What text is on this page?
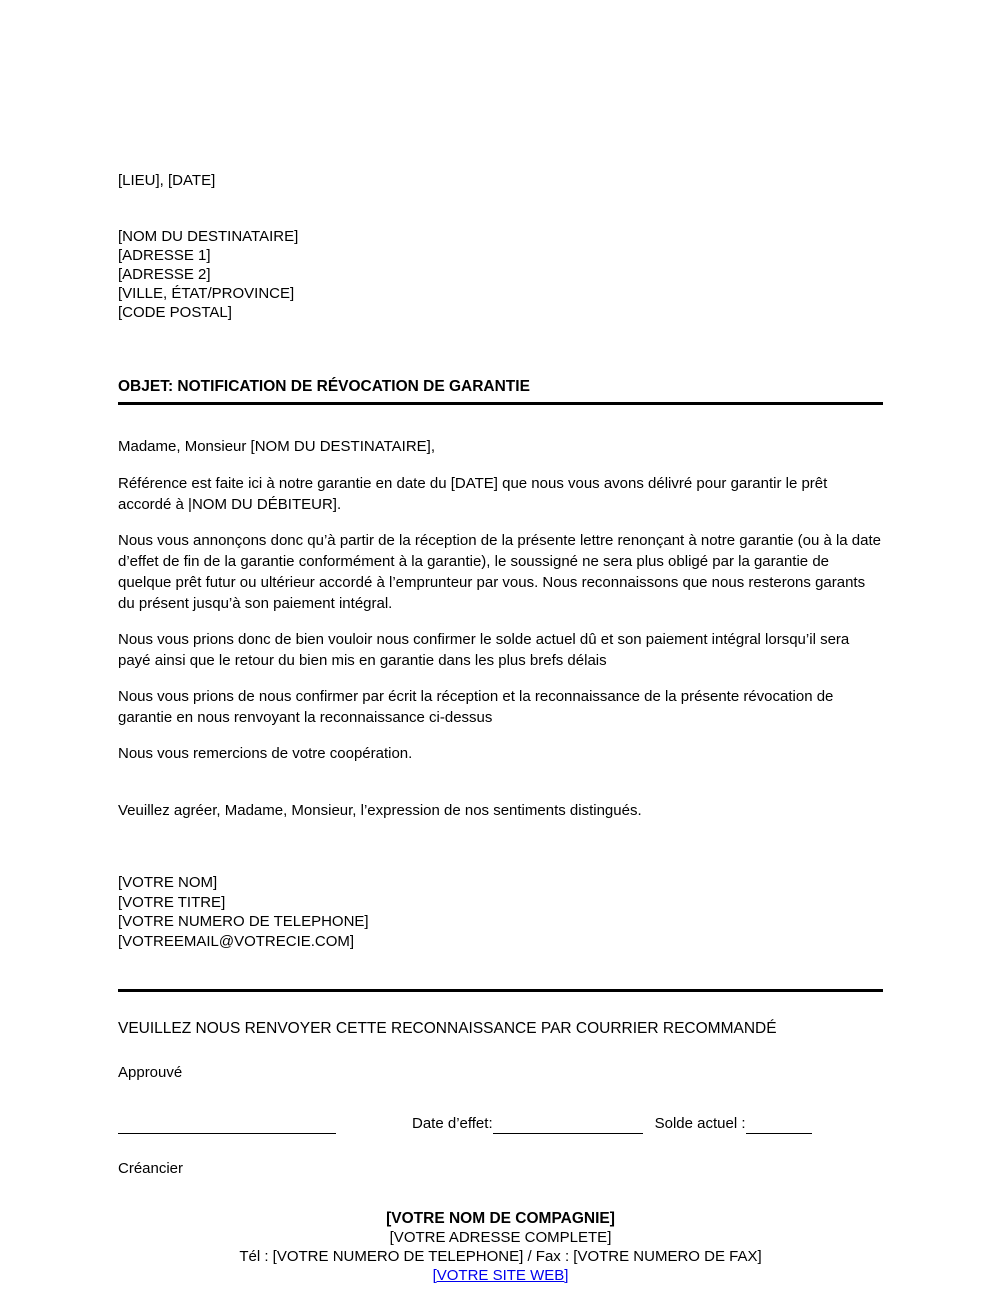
[LIEU], [DATE]
[NOM DU DESTINATAIRE]
[ADRESSE 1]
[ADRESSE 2]
[VILLE, ÉTAT/PROVINCE]
[CODE POSTAL]
OBJET: NOTIFICATION DE RÉVOCATION DE GARANTIE
Madame, Monsieur [NOM DU DESTINATAIRE],

Référence est faite ici à notre garantie en date du [DATE] que nous vous avons délivré pour garantir le prêt accordé à |NOM DU DÉBITEUR].

Nous vous annonçons donc qu’à partir de la réception de la présente lettre renonçant à notre garantie (ou à la date d’effet de fin de la garantie conformément à la garantie), le soussigné ne sera plus obligé par la garantie de quelque prêt futur ou ultérieur accordé à l’emprunteur par vous. Nous reconnaissons que nous resterons garants du présent jusqu’à son paiement intégral.

Nous vous prions donc de bien vouloir nous confirmer le solde actuel dû et son paiement intégral lorsqu’il sera payé ainsi que le retour du bien mis en garantie dans les plus brefs délais

Nous vous prions de nous confirmer par écrit la réception et la reconnaissance de la présente révocation de garantie en nous renvoyant la reconnaissance ci-dessus

Nous vous remercions de votre coopération.

Veuillez agréer, Madame, Monsieur, l’expression de nos sentiments distingués.
[VOTRE NOM]
[VOTRE TITRE]
[VOTRE NUMERO DE TELEPHONE]
[VOTREEMAIL@VOTRECIE.COM]
VEUILLEZ NOUS RENVOYER CETTE RECONNAISSANCE PAR COURRIER RECOMMANDÉ
Approuvé
Date d’effet:	Solde actuel :
Créancier
[VOTRE NOM DE COMPAGNIE]
[VOTRE ADRESSE COMPLETE]
Tél : [VOTRE NUMERO DE TELEPHONE] / Fax : [VOTRE NUMERO DE FAX]
[VOTRE SITE WEB]
